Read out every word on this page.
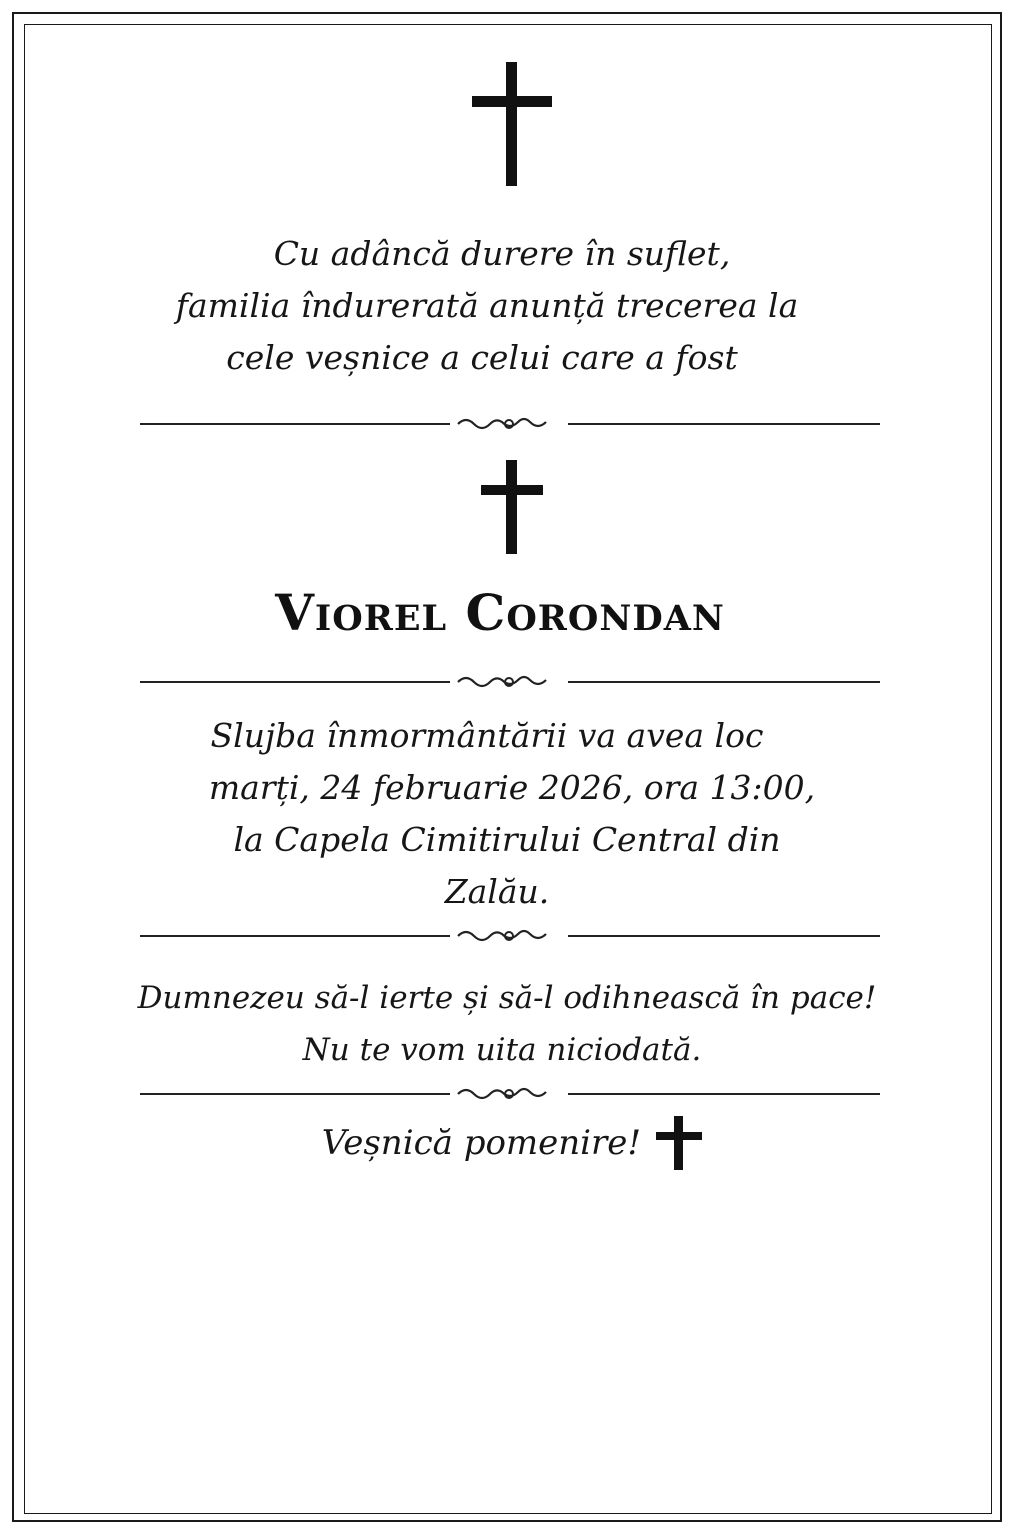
Cu adâncă durere în suflet,
familia îndurerată anunță trecerea la
cele veșnice a celui care a fost
Viorel Corondan
Slujba înmormântării va avea loc
marți, 24 februarie 2026, ora 13:00,
la Capela Cimitirului Central din
Zalău.
Dumnezeu să-l ierte și să-l odihnească în pace!
Nu te vom uita niciodată.
Veșnică pomenire!
